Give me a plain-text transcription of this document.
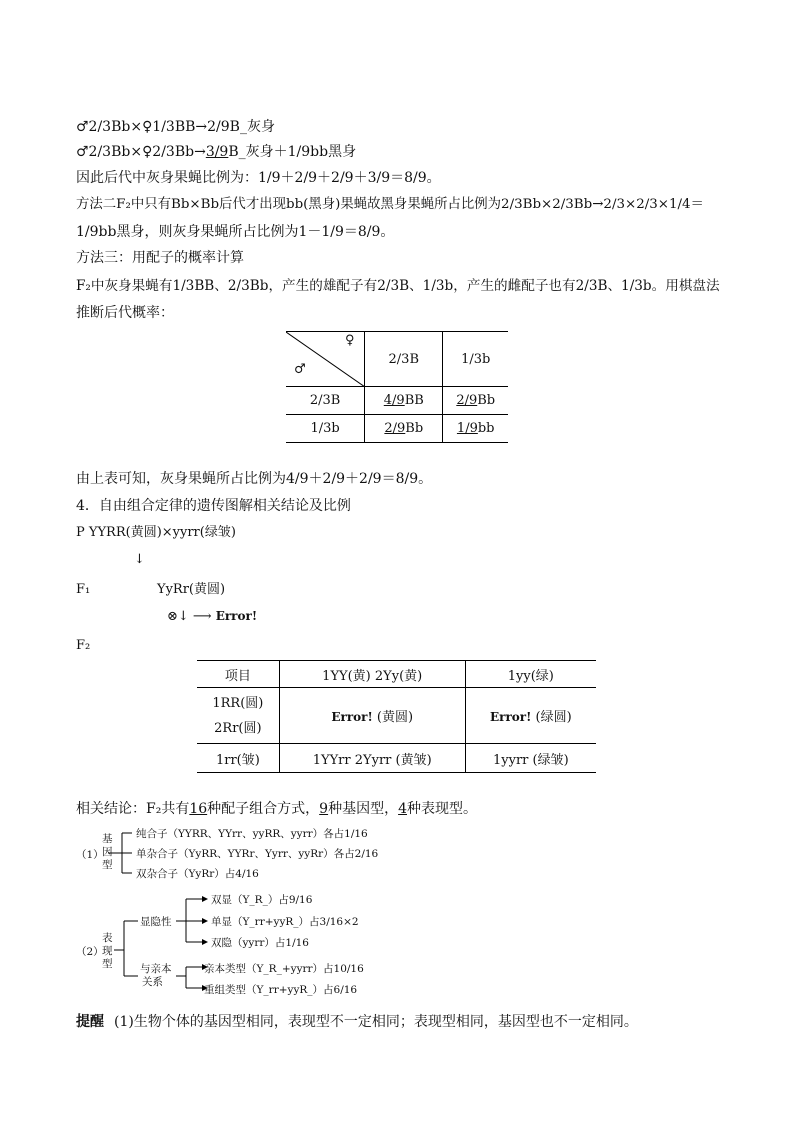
♂2/3Bb×♀1/3BB→2/9B_灰身
♂2/3Bb×♀2/3Bb→3/9B_灰身＋1/9bb黑身
因此后代中灰身果蝇比例为：1/9＋2/9＋2/9＋3/9＝8/9。
方法二F₂中只有Bb×Bb后代才出现bb(黑身)果蝇故黑身果蝇所占比例为2/3Bb×2/3Bb→2/3×2/3×1/4＝
1/9bb黑身，则灰身果蝇所占比例为1－1/9＝8/9。
方法三：用配子的概率计算
F₂中灰身果蝇有1/3BB、2/3Bb，产生的雄配子有2/3B、1/3b，产生的雌配子也有2/3B、1/3b。用棋盘法
推断后代概率：
♀
♂	2/3B	1/3b
2/3B	4/9BB	2/9Bb
1/3b	2/9Bb	1/9bb
由上表可知，灰身果蝇所占比例为4/9＋2/9＋2/9＝8/9。
4．自由组合定律的遗传图解相关结论及比例
P YYRR(黄圆)×yyrr(绿皱)
↓
F₁	YyRr(黄圆)
⊗↓ ⟶ Error!
F₂
项目	1YY(黄) 2Yy(黄)	1yy(绿)

1RR(圆)
2Rr(圆)	Error! (黄圆)	Error! (绿圆)
1rr(皱)	1YYrr 2Yyrr (黄皱)	1yyrr (绿皱)
相关结论：F₂共有16种配子组合方式，9种基因型，4种表现型。
（1）
基
因
型
纯合子（YYRR、YYrr、yyRR、yyrr）各占1/16
单杂合子（YyRR、YYRr、Yyrr、yyRr）各占2/16
双杂合子（YyRr）占4/16
（2）
表
现
型
显隐性
双显（Y_R_）占9/16
单显（Y_rr+yyR_）占3/16×2
双隐（yyrr）占1/16
与亲本
关系
亲本类型（Y_R_+yyrr）占10/16
重组类型（Y_rr+yyR_）占6/16
提醒 (1)生物个体的基因型相同，表现型不一定相同；表现型相同，基因型也不一定相同。
